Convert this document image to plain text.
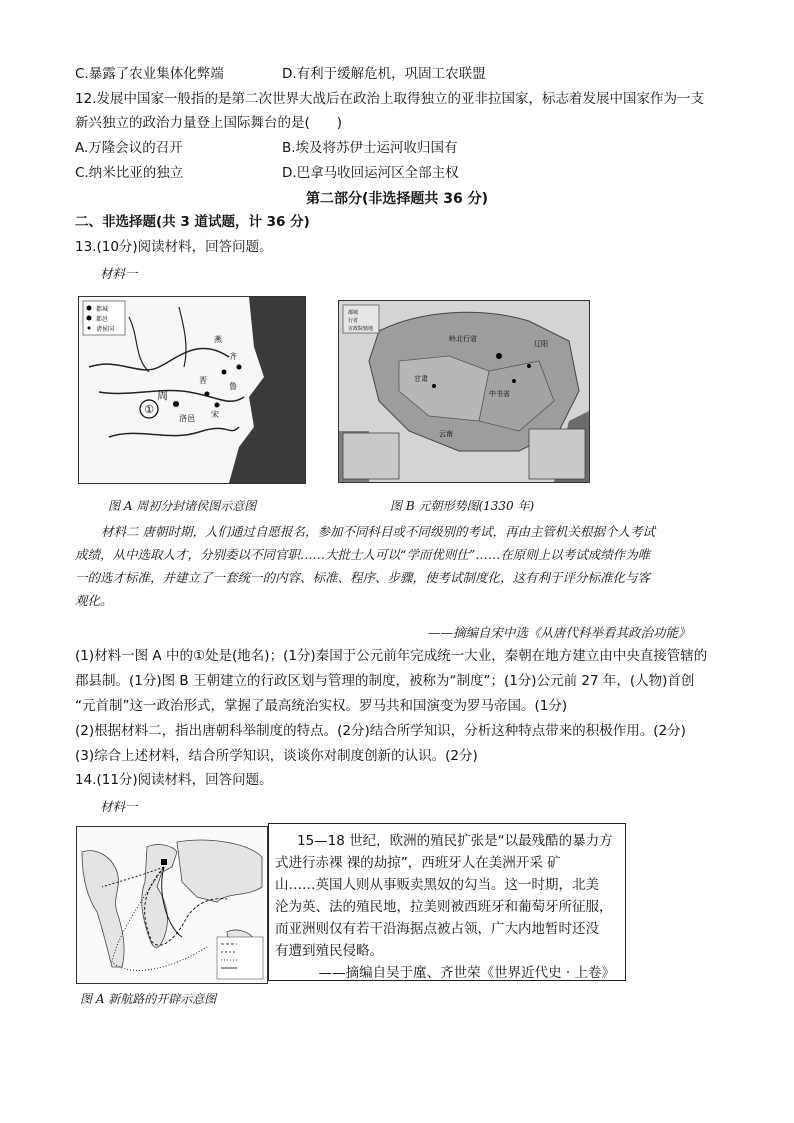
C.暴露了农业集体化弊端	D.有利于缓解危机，巩固工农联盟
12.发展中国家一般指的是第二次世界大战后在政治上取得独立的亚非拉国家，标志着发展中国家作为一支
新兴独立的政治力量登上国际舞台的是(　　)
A.万隆会议的召开	B.埃及将苏伊士运河收归国有
C.纳米比亚的独立	D.巴拿马收回运河区全部主权
第二部分(非选择题共 36 分)
二、非选择题(共 3 道试题，计 36 分)
13.(10分)阅读材料，回答问题。
材料一
①
都城
都邑
诸侯国
周
洛邑
晋
宋
齐
鲁
燕
都城
行省
宣政院辖地
岭北行省
甘肃
中书省
辽阳
云南
图 A 周初分封诸侯图示意图	图 B 元朝形势图(1330 年)
材料二 唐朝时期，人们通过自愿报名，参加不同科目或不同级别的考试，再由主管机关根据个人考试
成绩，从中选取人才，分别委以不同官职……大批士人可以“学而优则仕”……在原则上以考试成绩作为唯
一的选才标准，并建立了一套统一的内容、标准、程序、步骤，使考试制度化，这有利于评分标准化与客
观化。
——摘编自宋中选《从唐代科举看其政治功能》
(1)材料一图 A 中的①处是(地名)；(1分)秦国于公元前年完成统一大业，秦朝在地方建立由中央直接管辖的
郡县制。(1分)图 B 王朝建立的行政区划与管理的制度，被称为“制度”；(1分)公元前 27 年，(人物)首创
“元首制”这一政治形式，掌握了最高统治实权。罗马共和国演变为罗马帝国。(1分)
(2)根据材料二，指出唐朝科举制度的特点。(2分)结合所学知识，分析这种特点带来的积极作用。(2分)
(3)综合上述材料，结合所学知识，谈谈你对制度创新的认识。(2分)
14.(11分)阅读材料，回答问题。
材料一
图 A 新航路的开辟示意图
15—18 世纪，欧洲的殖民扩张是“以最残酷的暴力方
式进行赤裸 裸的劫掠”，西班牙人在美洲开采 矿
山……英国人则从事贩卖黑奴的勾当。这一时期，北美
沦为英、法的殖民地，拉美则被西班牙和葡萄牙所征服，
而亚洲则仅有若干沿海据点被占领，广大内地暂时还没
有遭到殖民侵略。
——摘编自吴于廑、齐世荣《世界近代史 · 上卷》
